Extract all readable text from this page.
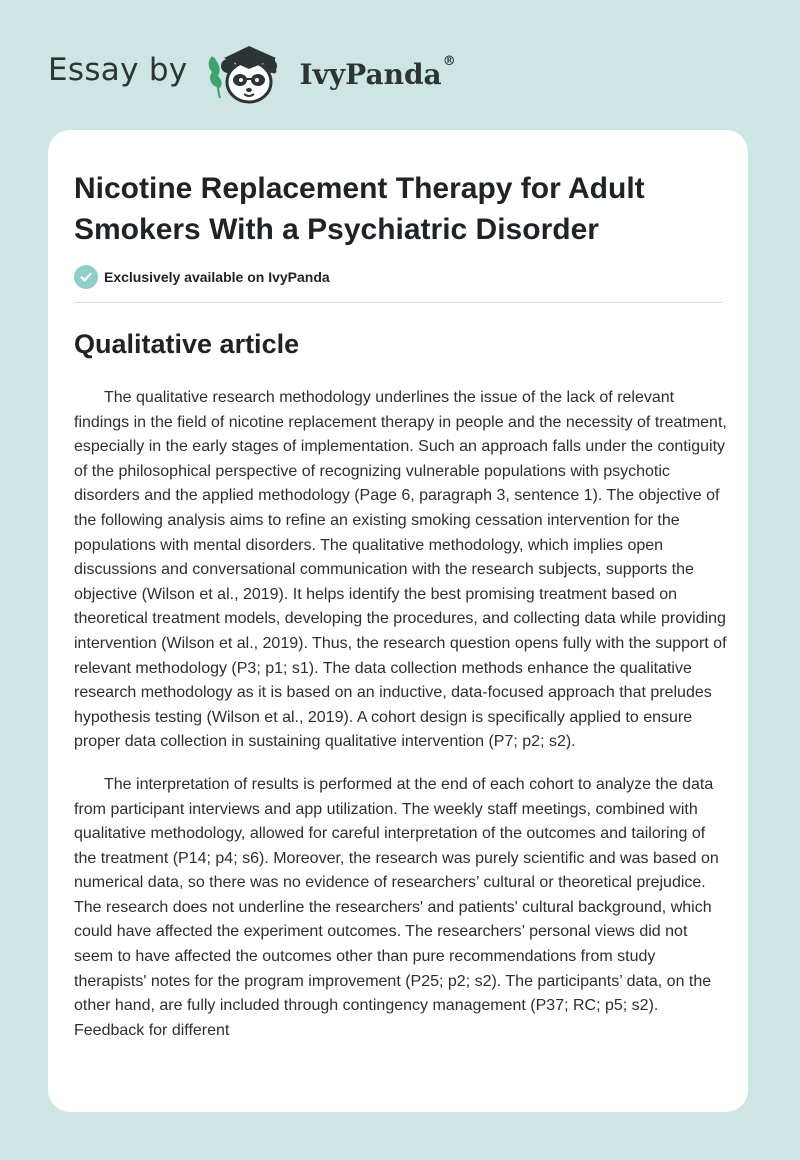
Essay by	IvyPanda®
Nicotine Replacement Therapy for Adult Smokers With a Psychiatric Disorder
Exclusively available on IvyPanda
Qualitative article

The qualitative research methodology underlines the issue of the lack of relevant findings in the field of nicotine replacement therapy in people and the necessity of treatment, especially in the early stages of implementation. Such an approach falls under the contiguity of the philosophical perspective of recognizing vulnerable populations with psychotic disorders and the applied methodology (Page 6, paragraph 3, sentence 1). The objective of the following analysis aims to refine an existing smoking cessation intervention for the populations with mental disorders. The qualitative methodology, which implies open discussions and conversational communication with the research subjects, supports the objective (Wilson et al., 2019). It helps identify the best promising treatment based on theoretical treatment models, developing the procedures, and collecting data while providing intervention (Wilson et al., 2019). Thus, the research question opens fully with the support of relevant methodology (P3; p1; s1). The data collection methods enhance the qualitative research methodology as it is based on an inductive, data-focused approach that preludes hypothesis testing (Wilson et al., 2019). A cohort design is specifically applied to ensure proper data collection in sustaining qualitative intervention (P7; p2; s2).

The interpretation of results is performed at the end of each cohort to analyze the data from participant interviews and app utilization. The weekly staff meetings, combined with qualitative methodology, allowed for careful interpretation of the outcomes and tailoring of the treatment (P14; p4; s6). Moreover, the research was purely scientific and was based on numerical data, so there was no evidence of researchers’ cultural or theoretical prejudice. The research does not underline the researchers' and patients' cultural background, which could have affected the experiment outcomes. The researchers’ personal views did not seem to have affected the outcomes other than pure recommendations from study therapists' notes for the program improvement (P25; p2; s2). The participants’ data, on the other hand, are fully included through contingency management (P37; RC; p5; s2). Feedback for different
